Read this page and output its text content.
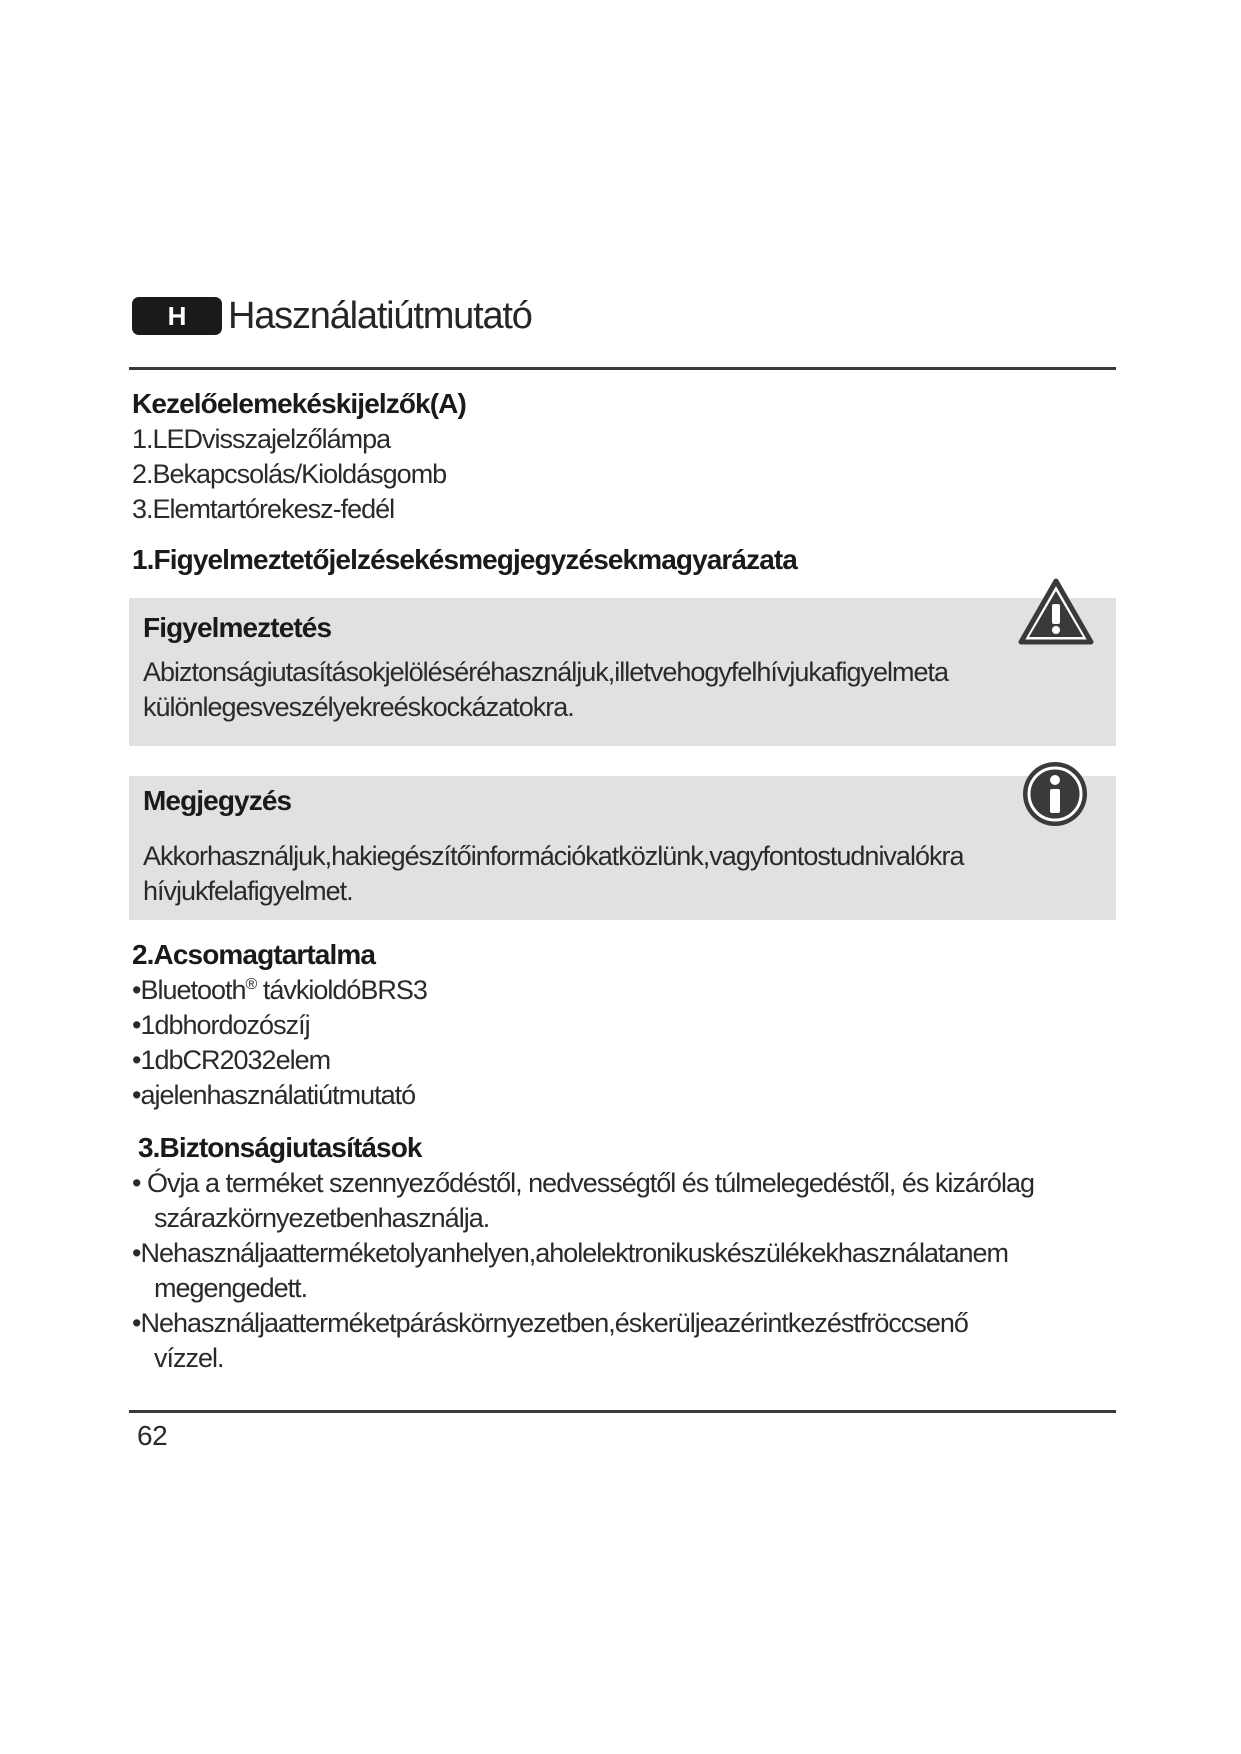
H	Használatiútmutató
Kezelőelemekéskijelzők(A)
1.LEDvisszajelzőlámpa
2.Bekapcsolás/Kioldásgomb
3.Elemtartórekesz-fedél
1.Figyelmeztetőjelzésekésmegjegyzésekmagyarázata
Figyelmeztetés
Abiztonságiutasításokjelöléséréhasználjuk,illetvehogyfelhívjukafigyelmeta
különlegesveszélyekreéskockázatokra.
Megjegyzés
Akkorhasználjuk,hakiegészítőinformációkatközlünk,vagyfontostudnivalókra
hívjukfelafigyelmet.
2.Acsomagtartalma
•Bluetooth® távkioldóBRS3
•1dbhordozószíj
•1dbCR2032elem
•ajelenhasználatiútmutató
3.Biztonságiutasítások
• Óvja a terméket szennyeződéstől, nedvességtől és túlmelegedéstől, és kizárólag
szárazkörnyezetbenhasználja.
•Nehasználjaatterméketolyanhelyen,aholelektronikuskészülékekhasználatanem
megengedett.
•Nehasználjaatterméketpáráskörnyezetben,éskerüljeazérintkezéstfröccsenő
vízzel.
62
